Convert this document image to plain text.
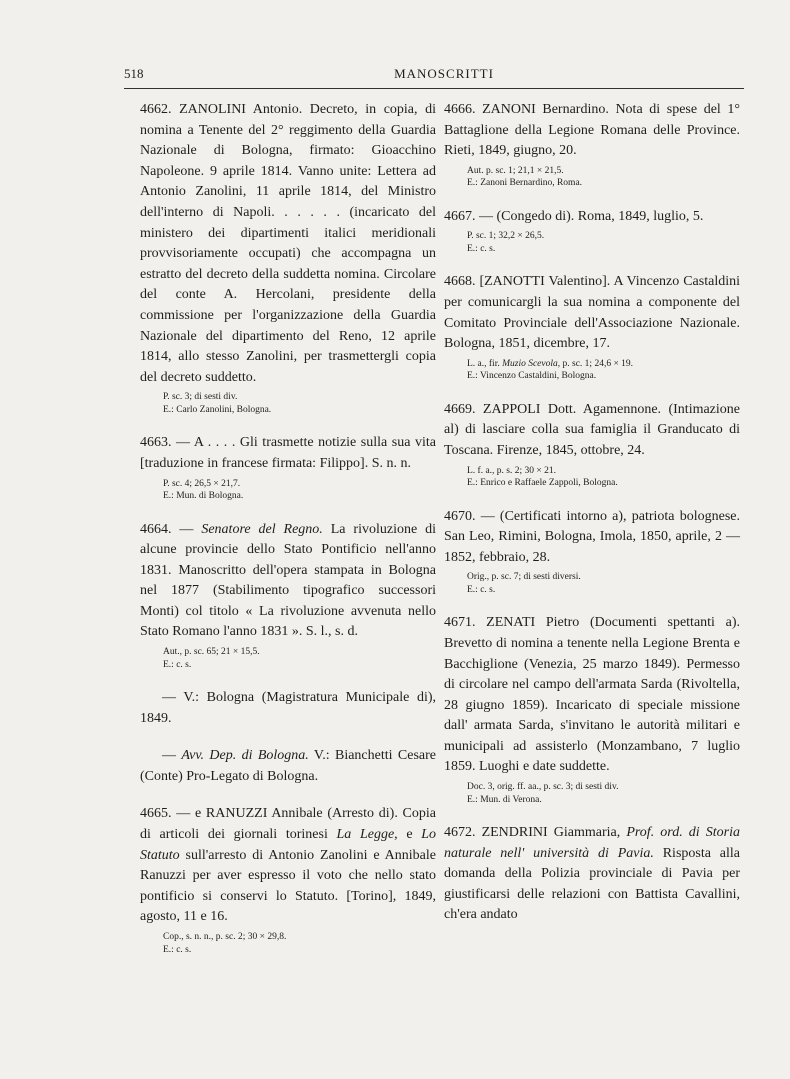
518	MANOSCRITTI
4662. ZANOLINI Antonio. Decreto, in copia, di nomina a Tenente del 2° reggimento della Guardia Nazionale di Bologna, firmato: Gioacchino Napoleone. 9 aprile 1814. Vanno unite: Lettera ad Antonio Zanolini, 11 aprile 1814, del Ministro dell'interno di Napoli. . . . . . (incaricato del ministero dei dipartimenti italici meridionali provvisoriamente occupati) che accompagna un estratto del decreto della suddetta nomina. Circolare del conte A. Hercolani, presidente della commissione per l'organizzazione della Guardia Nazionale del dipartimento del Reno, 12 aprile 1814, allo stesso Zanolini, per trasmettergli copia del decreto suddetto.
P. sc. 3; di sesti div.
E.: Carlo Zanolini, Bologna.
4663. — A . . . . Gli trasmette notizie sulla sua vita [traduzione in francese firmata: Filippo]. S. n. n.
P. sc. 4; 26,5 × 21,7.
E.: Mun. di Bologna.
4664. — Senatore del Regno. La rivoluzione di alcune provincie dello Stato Pontificio nell'anno 1831. Manoscritto dell'opera stampata in Bologna nel 1877 (Stabilimento tipografico successori Monti) col titolo « La rivoluzione avvenuta nello Stato Romano l'anno 1831 ». S. l., s. d.
Aut., p. sc. 65; 21 × 15,5.
E.: c. s.
— V.: Bologna (Magistratura Municipale di), 1849.
— Avv. Dep. di Bologna. V.: Bianchetti Cesare (Conte) Pro-Legato di Bologna.
4665. — e RANUZZI Annibale (Arresto di). Copia di articoli dei giornali torinesi La Legge, e Lo Statuto sull'arresto di Antonio Zanolini e Annibale Ranuzzi per aver espresso il voto che nello stato pontificio si conservi lo Statuto. [Torino], 1849, agosto, 11 e 16.
Cop., s. n. n., p. sc. 2; 30 × 29,8.
E.: c. s.
4666. ZANONI Bernardino. Nota di spese del 1° Battaglione della Legione Romana delle Province. Rieti, 1849, giugno, 20.
Aut. p. sc. 1; 21,1 × 21,5.
E.: Zanoni Bernardino, Roma.
4667. — (Congedo di). Roma, 1849, luglio, 5.
P. sc. 1; 32,2 × 26,5.
E.: c. s.
4668. [ZANOTTI Valentino]. A Vincenzo Castaldini per comunicargli la sua nomina a componente del Comitato Provinciale dell'Associazione Nazionale. Bologna, 1851, dicembre, 17.
L. a., fir. Muzio Scevola, p. sc. 1; 24,6 × 19.
E.: Vincenzo Castaldini, Bologna.
4669. ZAPPOLI Dott. Agamennone. (Intimazione al) di lasciare colla sua famiglia il Granducato di Toscana. Firenze, 1845, ottobre, 24.
L. f. a., p. s. 2; 30 × 21.
E.: Enrico e Raffaele Zappoli, Bologna.
4670. — (Certificati intorno a), patriota bolognese. San Leo, Rimini, Bologna, Imola, 1850, aprile, 2 — 1852, febbraio, 28.
Orig., p. sc. 7; di sesti diversi.
E.: c. s.
4671. ZENATI Pietro (Documenti spettanti a). Brevetto di nomina a tenente nella Legione Brenta e Bacchiglione (Venezia, 25 marzo 1849). Permesso di circolare nel campo dell'armata Sarda (Rivoltella, 28 giugno 1859). Incaricato di speciale missione dall' armata Sarda, s'invitano le autorità militari e municipali ad assisterlo (Monzambano, 7 luglio 1859. Luoghi e date suddette.
Doc. 3, orig. ff. aa., p. sc. 3; di sesti div.
E.: Mun. di Verona.
4672. ZENDRINI Giammaria, Prof. ord. di Storia naturale nell' università di Pavia. Risposta alla domanda della Polizia provinciale di Pavia per giustificarsi delle relazioni con Battista Cavallini, ch'era andato
